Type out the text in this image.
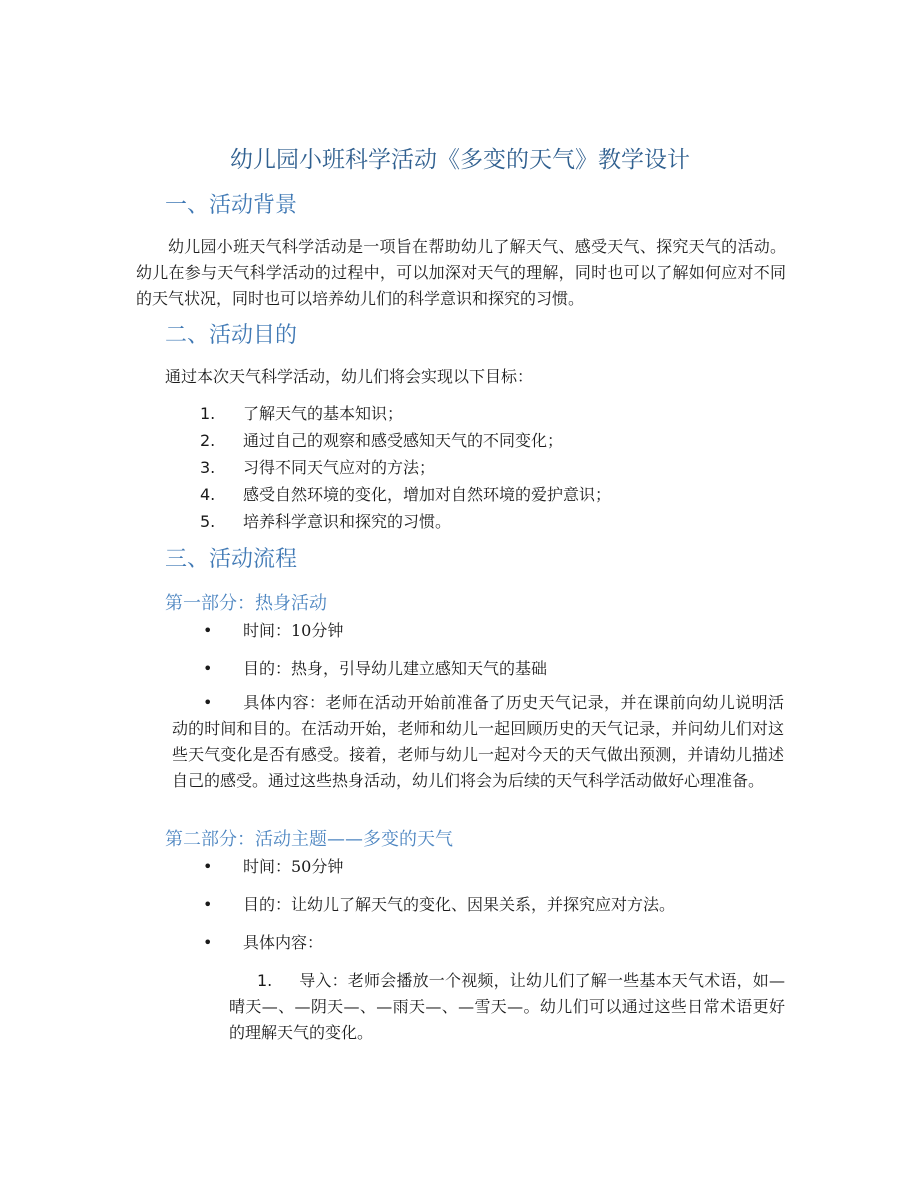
幼儿园小班科学活动《多变的天气》教学设计
一、活动背景

幼儿园小班天气科学活动是一项旨在帮助幼儿了解天气、感受天气、探究天气的活动。幼儿在参与天气科学活动的过程中，可以加深对天气的理解，同时也可以了解如何应对不同的天气状况，同时也可以培养幼儿们的科学意识和探究的习惯。

二、活动目的
通过本次天气科学活动，幼儿们将会实现以下目标：
1.	了解天气的基本知识；
2.	通过自己的观察和感受感知天气的不同变化；
3.	习得不同天气应对的方法；
4.	感受自然环境的变化，增加对自然环境的爱护意识；
5.	培养科学意识和探究的习惯。
三、活动流程
第一部分：热身活动
• 时间：10分钟
• 目的：热身，引导幼儿建立感知天气的基础

• 具体内容：老师在活动开始前准备了历史天气记录，并在课前向幼儿说明活动的时间和目的。在活动开始，老师和幼儿一起回顾历史的天气记录，并问幼儿们对这些天气变化是否有感受。接着，老师与幼儿一起对今天的天气做出预测，并请幼儿描述自己的感受。通过这些热身活动，幼儿们将会为后续的天气科学活动做好心理准备。

第二部分：活动主题——多变的天气
• 时间：50分钟
• 目的：让幼儿了解天气的变化、因果关系，并探究应对方法。
• 具体内容：

1. 导入：老师会播放一个视频，让幼儿们了解一些基本天气术语，如—晴天—、—阴天—、—雨天—、—雪天—。幼儿们可以通过这些日常术语更好的理解天气的变化。
